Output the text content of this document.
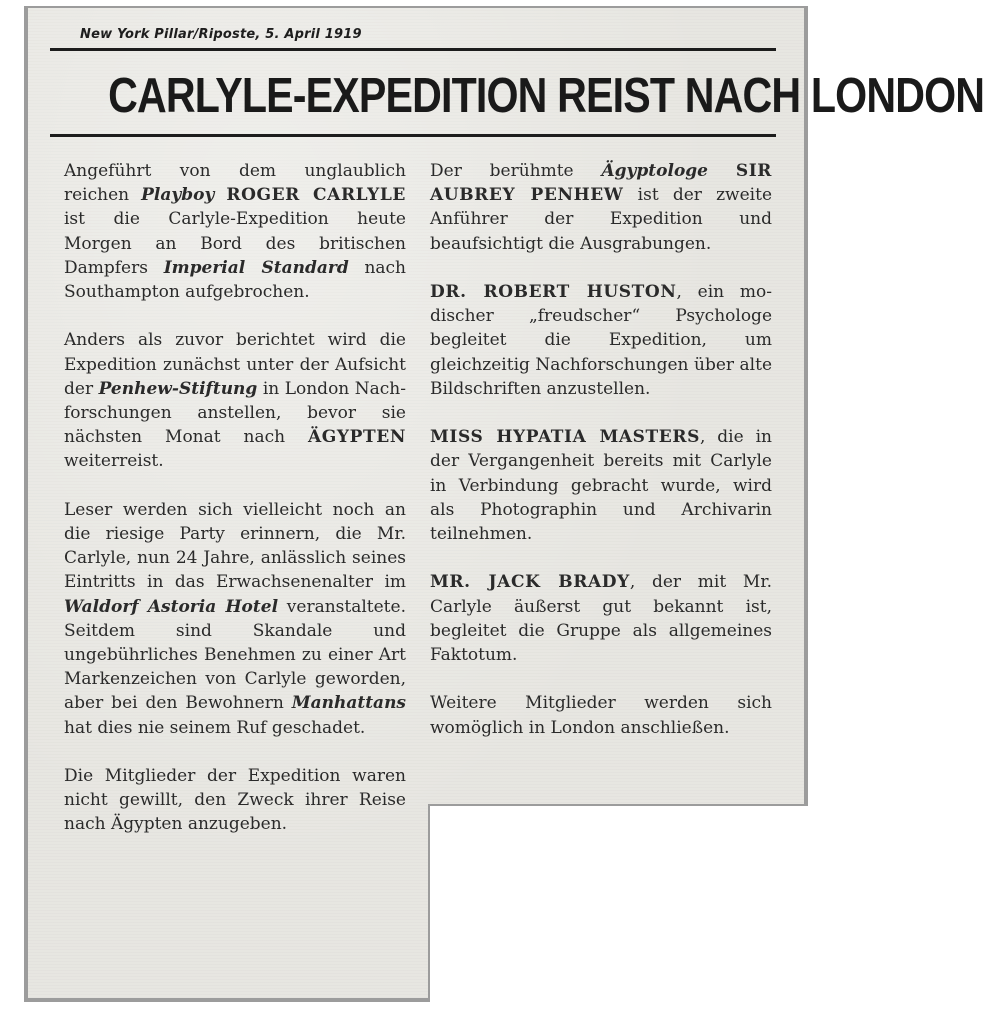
New York Pillar/Riposte, 5. April 1919
CARLYLE-EXPEDITION REIST NACH LONDON

Angeführt von dem unglaublich reichen Playboy ROGER CARLYLE ist die Carlyle-Expedition heute Morgen an Bord des britischen Dampfers Imperial Standard nach Southampton aufgebrochen.

Anders als zuvor berichtet wird die Expedition zunächst unter der Aufsicht der Penhew-Stiftung in London Nachforschungen anstellen, bevor sie nächsten Monat nach ÄGYPTEN weiterreist.

Leser werden sich vielleicht noch an die riesige Party erinnern, die Mr. Carlyle, nun 24 Jahre, anlässlich seines Eintritts in das Erwachsenenalter im Waldorf Astoria Hotel veranstaltete. Seitdem sind Skandale und ungebührliches Benehmen zu einer Art Markenzeichen von Carlyle geworden, aber bei den Bewohnern Manhattans hat dies nie seinem Ruf geschadet.

Die Mitglieder der Expedition waren nicht gewillt, den Zweck ihrer Reise nach Ägypten anzugeben.

Der berühmte Ägyptologe SIR AUBREY PENHEW ist der zweite Anführer der Expedition und beaufsichtigt die Ausgrabungen.

DR. ROBERT HUSTON, ein modischer „freudscher“ Psychologe begleitet die Expedition, um gleichzeitig Nachforschungen über alte Bildschriften anzustellen.

MISS HYPATIA MASTERS, die in der Vergangenheit bereits mit Carlyle in Verbindung gebracht wurde, wird als Photographin und Archivarin teilnehmen.

MR. JACK BRADY, der mit Mr. Carlyle äußerst gut bekannt ist, begleitet die Gruppe als allgemeines Faktotum.

Weitere Mitglieder werden sich womöglich in London anschließen.
